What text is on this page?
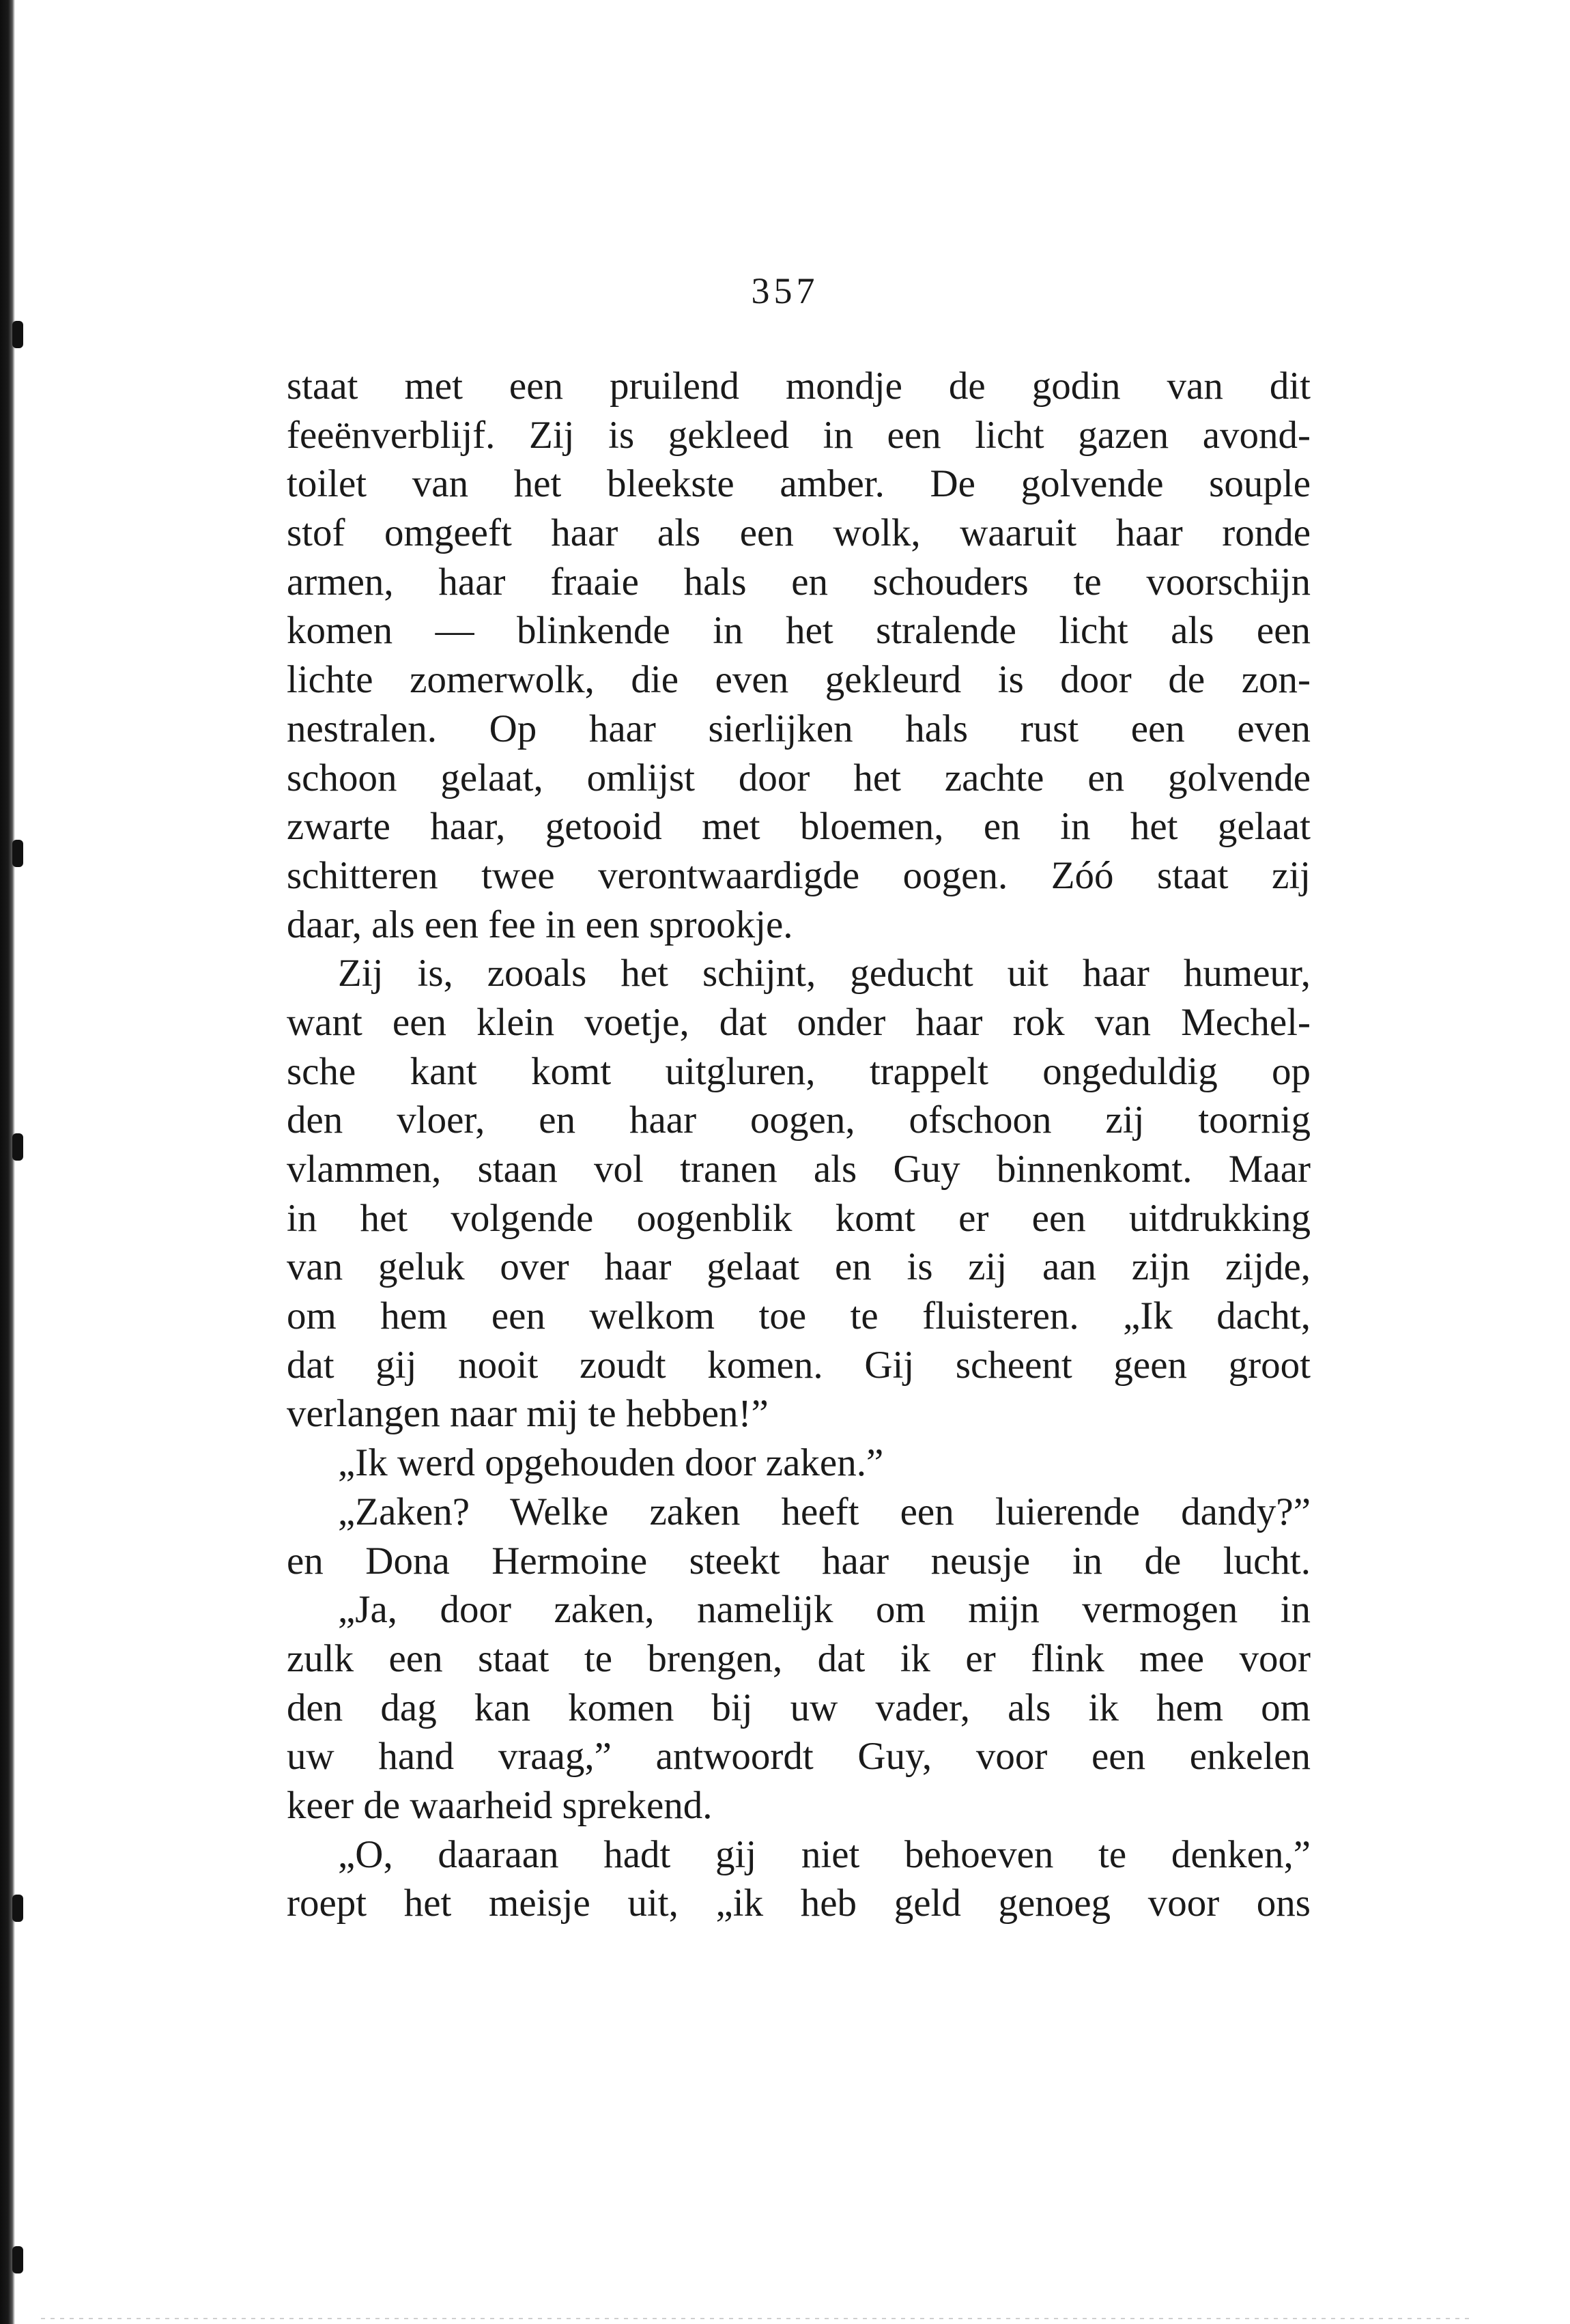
357
staat met een pruilend mondje de godin van dit
feeënverblijf. Zij is gekleed in een licht gazen avond-
toilet van het bleekste amber. De golvende souple
stof omgeeft haar als een wolk, waaruit haar ronde
armen, haar fraaie hals en schouders te voorschijn
komen — blinkende in het stralende licht als een
lichte zomerwolk, die even gekleurd is door de zon-
nestralen. Op haar sierlijken hals rust een even
schoon gelaat, omlijst door het zachte en golvende
zwarte haar, getooid met bloemen, en in het gelaat
schitteren twee verontwaardigde oogen. Zóó staat zij
daar, als een fee in een sprookje.
Zij is, zooals het schijnt, geducht uit haar humeur,
want een klein voetje, dat onder haar rok van Mechel-
sche kant komt uitgluren, trappelt ongeduldig op
den vloer, en haar oogen, ofschoon zij toornig
vlammen, staan vol tranen als Guy binnenkomt. Maar
in het volgende oogenblik komt er een uitdrukking
van geluk over haar gelaat en is zij aan zijn zijde,
om hem een welkom toe te fluisteren. „Ik dacht,
dat gij nooit zoudt komen. Gij scheent geen groot
verlangen naar mij te hebben!”
„Ik werd opgehouden door zaken.”
„Zaken? Welke zaken heeft een luierende dandy?”
en Dona Hermoine steekt haar neusje in de lucht.
„Ja, door zaken, namelijk om mijn vermogen in
zulk een staat te brengen, dat ik er flink mee voor
den dag kan komen bij uw vader, als ik hem om
uw hand vraag,” antwoordt Guy, voor een enkelen
keer de waarheid sprekend.
„O, daaraan hadt gij niet behoeven te denken,”
roept het meisje uit, „ik heb geld genoeg voor ons
